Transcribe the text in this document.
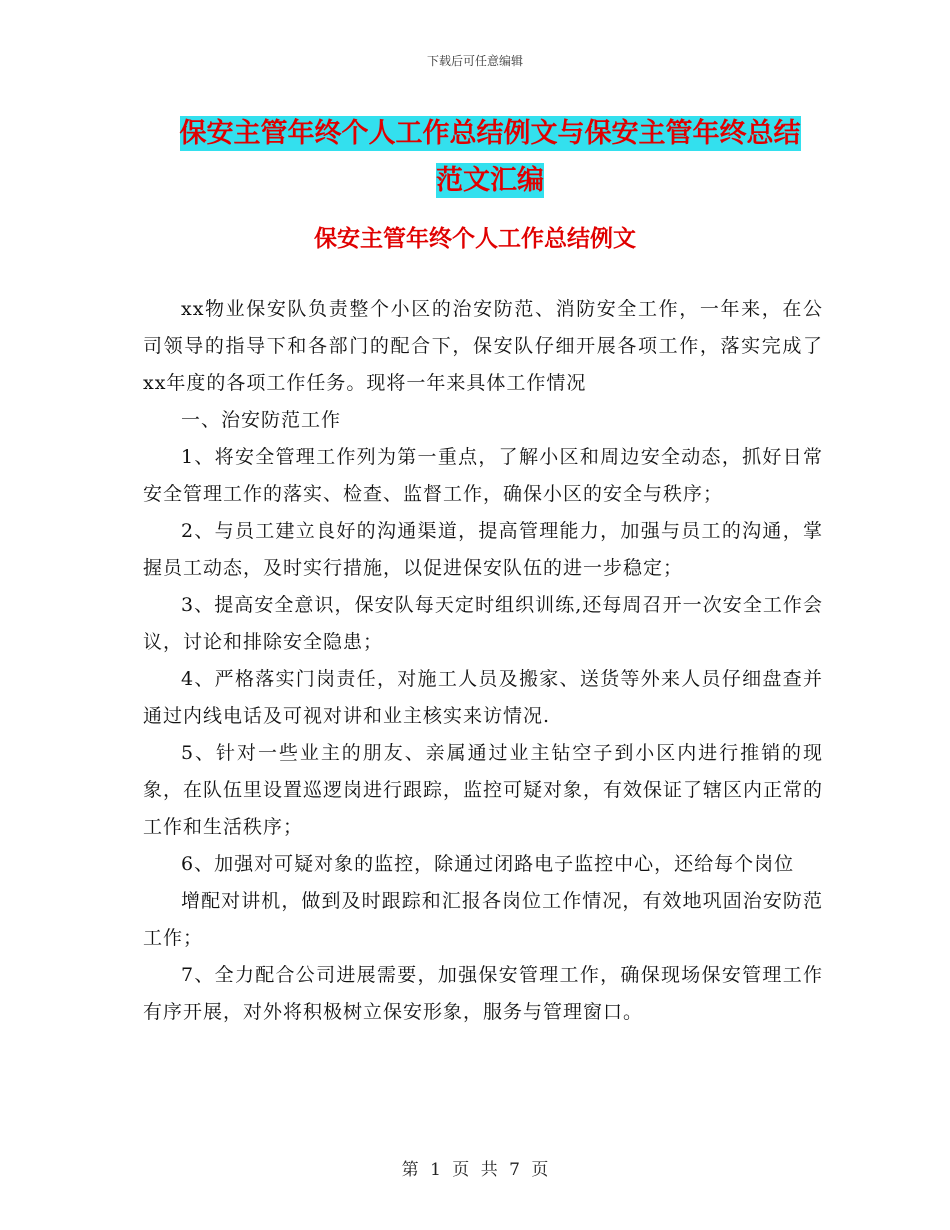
下载后可任意编辑
保安主管年终个人工作总结例文与保安主管年终总结
范文汇编
保安主管年终个人工作总结例文

xx物业保安队负责整个小区的治安防范、消防安全工作，一年来，在公司领导的指导下和各部门的配合下，保安队仔细开展各项工作，落实完成了xx年度的各项工作任务。现将一年来具体工作情况

一、治安防范工作

1、将安全管理工作列为第一重点，了解小区和周边安全动态，抓好日常安全管理工作的落实、检查、监督工作，确保小区的安全与秩序；

2、与员工建立良好的沟通渠道，提高管理能力，加强与员工的沟通，掌握员工动态，及时实行措施，以促进保安队伍的进一步稳定；

3、提高安全意识，保安队每天定时组织训练,还每周召开一次安全工作会议，讨论和排除安全隐患；

4、严格落实门岗责任，对施工人员及搬家、送货等外来人员仔细盘查并通过内线电话及可视对讲和业主核实来访情况.

5、针对一些业主的朋友、亲属通过业主钻空子到小区内进行推销的现象，在队伍里设置巡逻岗进行跟踪，监控可疑对象，有效保证了辖区内正常的工作和生活秩序；

6、加强对可疑对象的监控，除通过闭路电子监控中心，还给每个岗位

增配对讲机，做到及时跟踪和汇报各岗位工作情况，有效地巩固治安防范工作；

7、全力配合公司进展需要，加强保安管理工作，确保现场保安管理工作有序开展，对外将积极树立保安形象，服务与管理窗口。

第 1 页 共 7 页
